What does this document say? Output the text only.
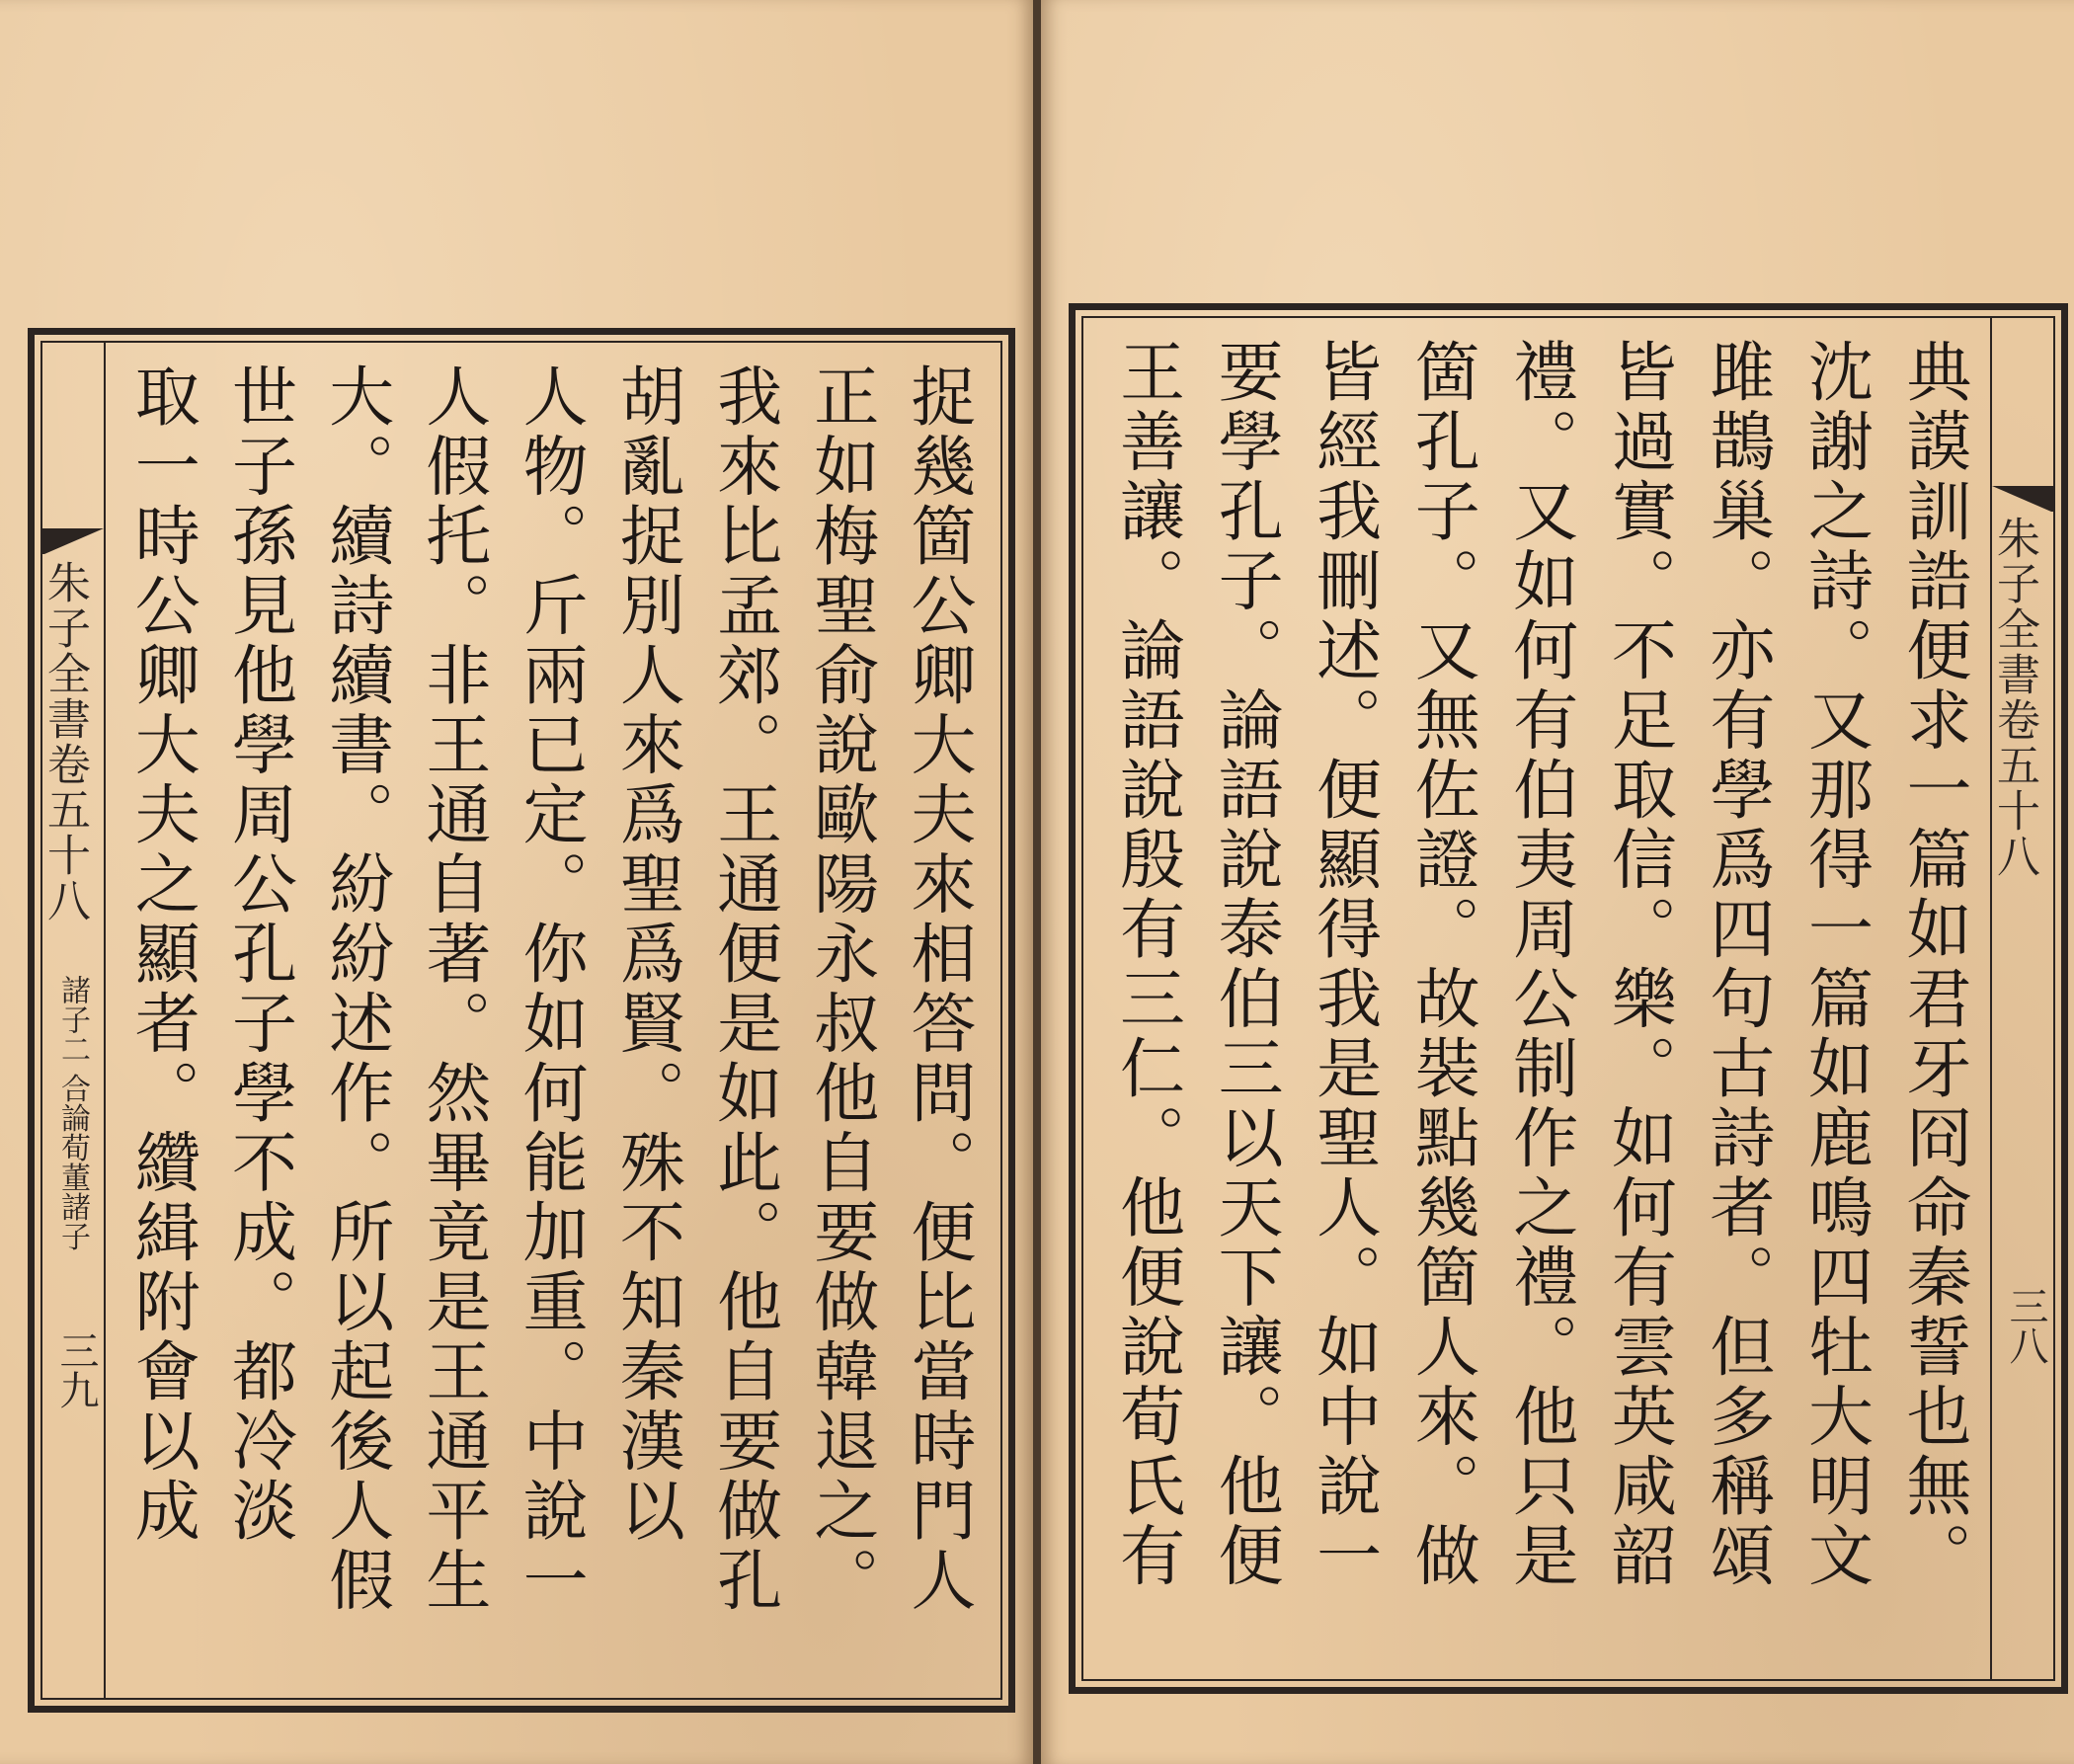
朱子全書卷五十八
諸子二 合論荀董諸子
三九
捉幾箇公卿大夫來相答問。便比當時門人
正如梅聖俞說歐陽永叔他自要做韓退之。
我來比孟郊。王通便是如此。他自要做孔
胡亂捉別人來爲聖爲賢。殊不知秦漢以
人物。斤兩已定。你如何能加重。中說一
人假托。非王通自著。然畢竟是王通平生
大。續詩續書。紛紛述作。所以起後人假
世子孫見他學周公孔子學不成。都冷淡
取一時公卿大夫之顯者。纘緝附會以成
朱子全書卷五十八
三八
典謨訓誥便求一篇如君牙冏命秦誓也無。
沈謝之詩。又那得一篇如鹿鳴四牡大明文
雎鵲巢。亦有學爲四句古詩者。但多稱頌
皆過實。不足取信。樂。如何有雲英咸韶
禮。又如何有伯夷周公制作之禮。他只是
箇孔子。又無佐證。故裝點幾箇人來。做
皆經我刪述。便顯得我是聖人。如中說一
要學孔子。論語說泰伯三以天下讓。他便
王善讓。論語說殷有三仁。他便說荀氏有
